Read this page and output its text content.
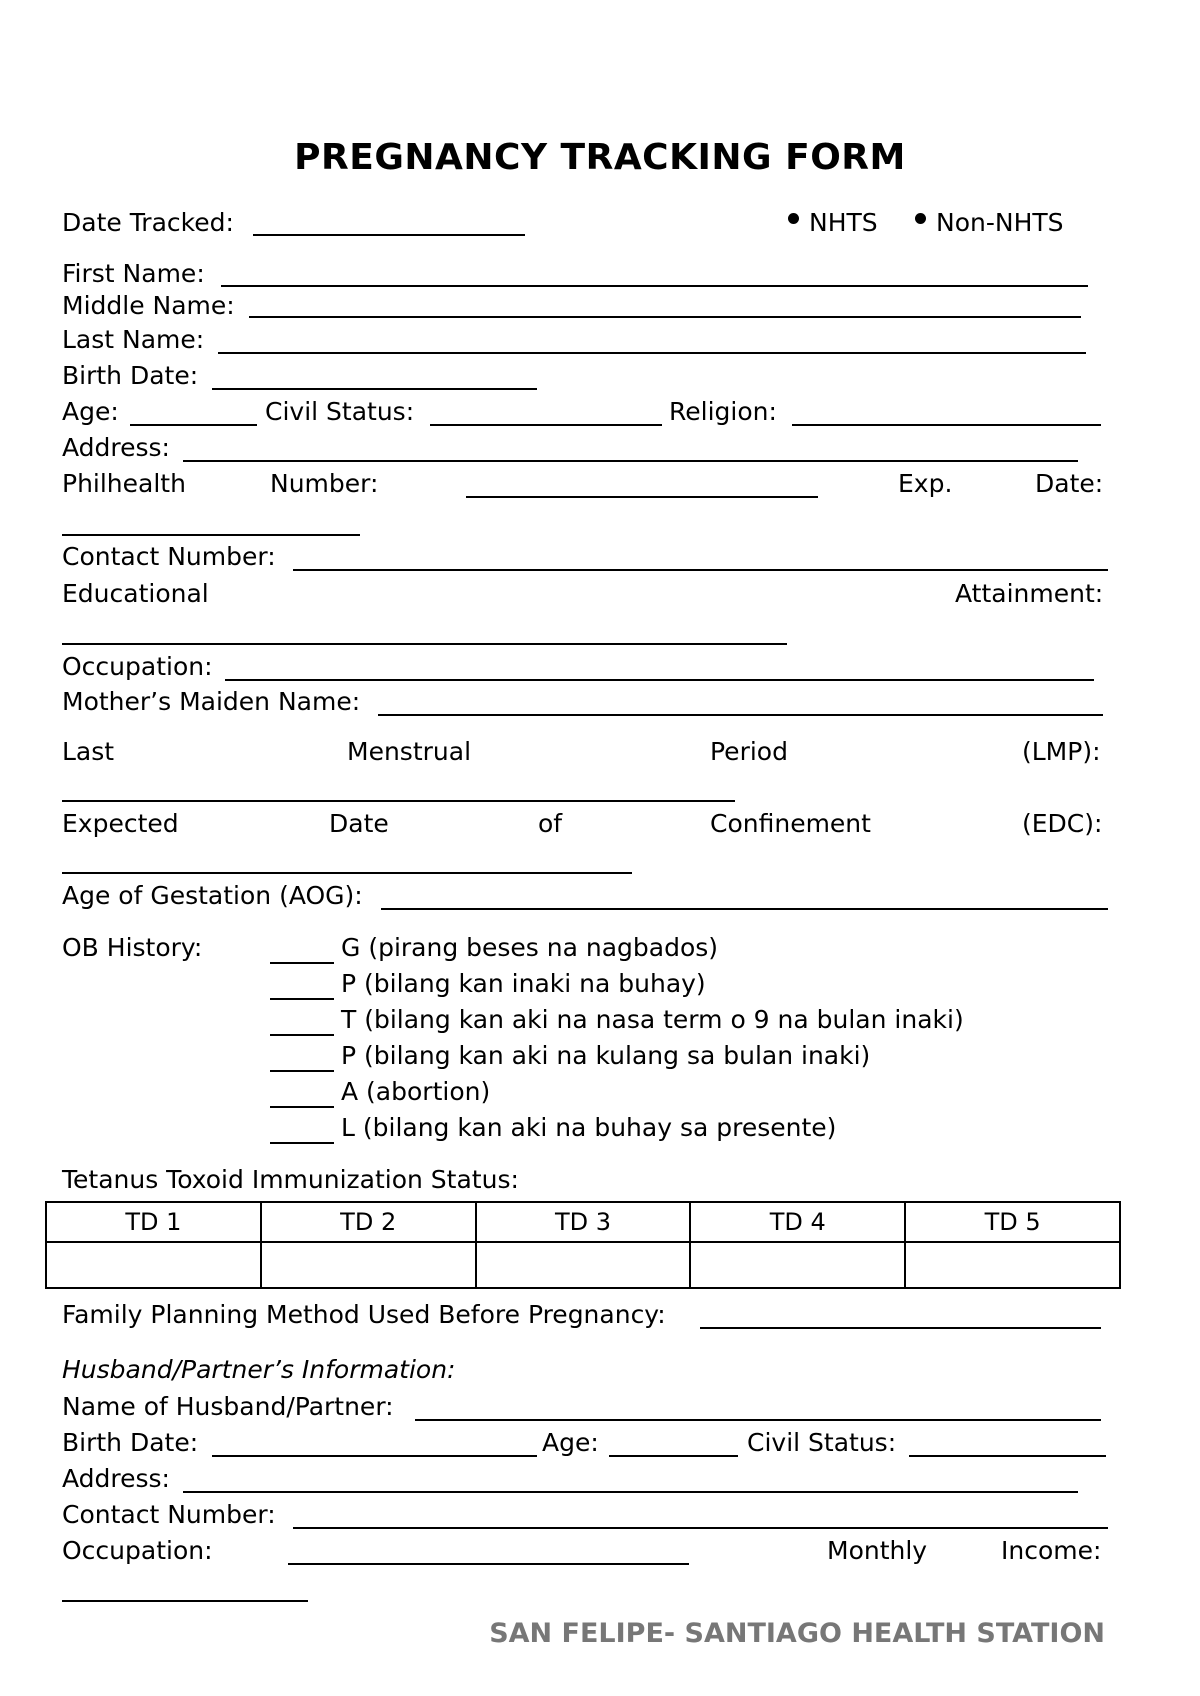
PREGNANCY TRACKING FORM
Date Tracked:	NHTS	Non-NHTS
First Name:
Middle Name:
Last Name:
Birth Date:
Age:	Civil Status:	Religion:
Address:
Philhealth	Number:	Exp.	Date:
Contact Number:
Educational	Attainment:
Occupation:
Mother’s Maiden Name:
Last	Menstrual	Period	(LMP):
Expected	Date	of	Confinement	(EDC):
Age of Gestation (AOG):
OB History:	G (pirang beses na nagbados)
P (bilang kan inaki na buhay)
T (bilang kan aki na nasa term o 9 na bulan inaki)
P (bilang kan aki na kulang sa bulan inaki)
A (abortion)
L (bilang kan aki na buhay sa presente)
Tetanus Toxoid Immunization Status:
TD 1	TD 2	TD 3	TD 4	TD 5

Family Planning Method Used Before Pregnancy:
Husband/Partner’s Information:
Name of Husband/Partner:
Birth Date:	Age:	Civil Status:
Address:
Contact Number:
Occupation:	Monthly	Income:
SAN FELIPE- SANTIAGO HEALTH STATION
